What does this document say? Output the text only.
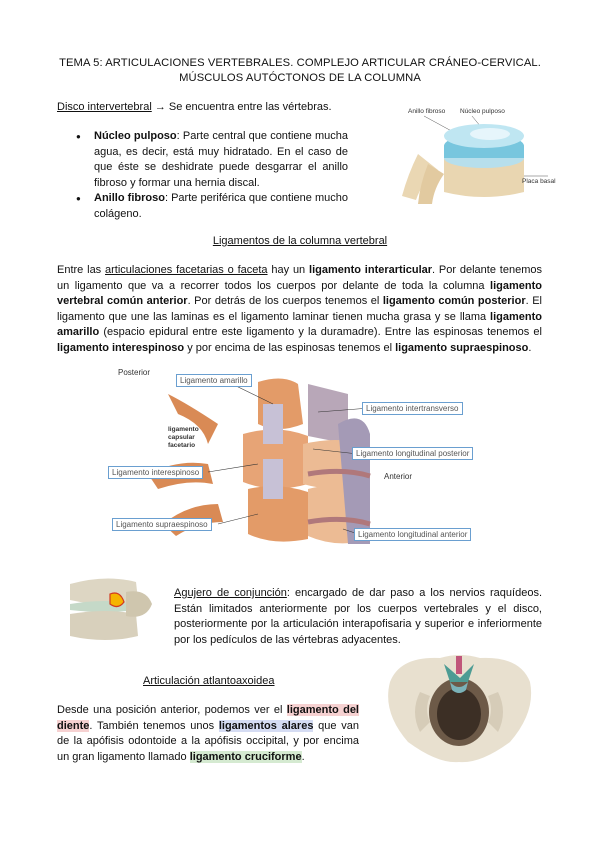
TEMA 5: ARTICULACIONES VERTEBRALES. COMPLEJO ARTICULAR CRÁNEO-CERVICAL.
MÚSCULOS AUTÓCTONOS DE LA COLUMNA
Disco intervertebral → Se encuentra entre las vértebras.
● Núcleo pulposo: Parte central que contiene mucha agua, es decir, está muy hidratado. En el caso de que éste se deshidrate puede desgarrar el anillo fibroso y formar una hernia discal.
● Anillo fibroso: Parte periférica que contiene mucho colágeno.
Anillo fibroso Núcleo pulposo
Placa basal
Ligamentos de la columna vertebral
Entre las articulaciones facetarias o faceta hay un ligamento interarticular. Por delante tenemos un ligamento que va a recorrer todos los cuerpos por delante de toda la columna ligamento vertebral común anterior. Por detrás de los cuerpos tenemos el ligamento común posterior. El ligamento que une las laminas es el ligamento laminar tienen mucha grasa y se llama ligamento amarillo (espacio epidural entre este ligamento y la duramadre). Entre las espinosas tenemos el ligamento interespinoso y por encima de las espinosas tenemos el ligamento supraespinoso.
Posterior
Anterior
Ligamento amarillo
Ligamento intertransverso
ligamento capsular facetario
Ligamento longitudinal posterior
Ligamento interespinoso
Ligamento supraespinoso
Ligamento longitudinal anterior
Agujero de conjunción: encargado de dar paso a los nervios raquídeos. Están limitados anteriormente por los cuerpos vertebrales y el disco, posteriormente por la articulación interapofisaria y superior e inferiormente por los pedículos de las vértebras adyacentes.
Articulación atlantoaxoidea
Desde una posición anterior, podemos ver el ligamento del diente. También tenemos unos ligamentos alares que van de la apófisis odontoide a la apófisis occipital, y por encima un gran ligamento llamado ligamento cruciforme.
